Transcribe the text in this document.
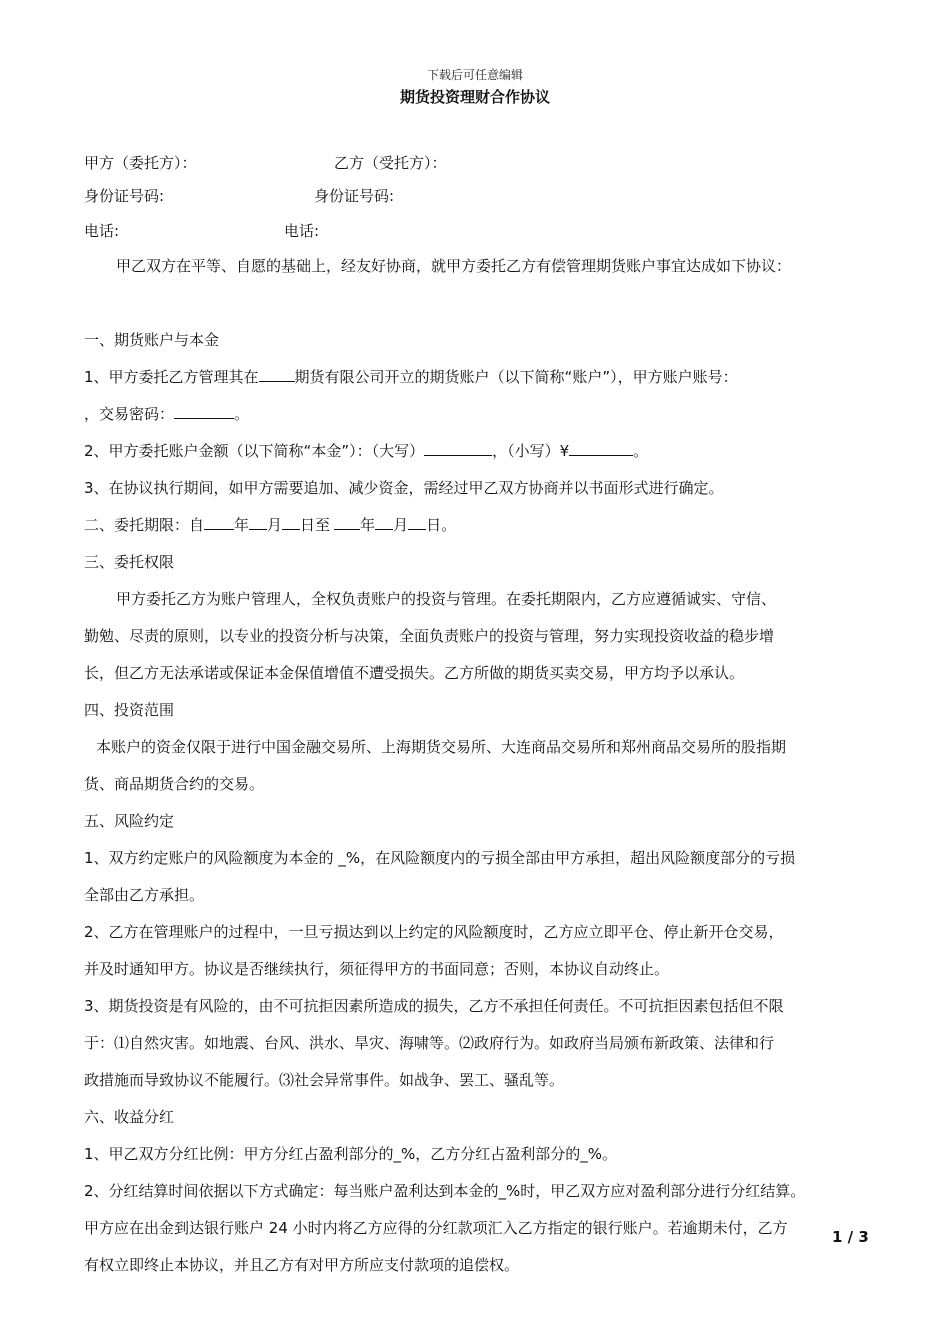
下载后可任意编辑
期货投资理财合作协议
甲方（委托方）：	乙方（受托方）：
身份证号码:	身份证号码:
电话:	电话:
甲乙双方在平等、自愿的基础上，经友好协商，就甲方委托乙方有偿管理期货账户事宜达成如下协议：
一、期货账户与本金
1、甲方委托乙方管理其在 期货有限公司开立的期货账户（以下简称“账户”），甲方账户账号：
，交易密码：	。
2、甲方委托账户金额（以下简称“本金”）：（大写）	，（小写）¥	。
3、在协议执行期间，如甲方需要追加、减少资金，需经过甲乙双方协商并以书面形式进行确定。
二、委托期限：自 年 月 日至 年 月 日。
三、委托权限
甲方委托乙方为账户管理人，全权负责账户的投资与管理。在委托期限内，乙方应遵循诚实、守信、
勤勉、尽责的原则，以专业的投资分析与决策，全面负责账户的投资与管理，努力实现投资收益的稳步增
长，但乙方无法承诺或保证本金保值增值不遭受损失。乙方所做的期货买卖交易，甲方均予以承认。
四、投资范围
本账户的资金仅限于进行中国金融交易所、上海期货交易所、大连商品交易所和郑州商品交易所的股指期
货、商品期货合约的交易。
五、风险约定
1、双方约定账户的风险额度为本金的 _%，在风险额度内的亏损全部由甲方承担，超出风险额度部分的亏损
全部由乙方承担。
2、乙方在管理账户的过程中，一旦亏损达到以上约定的风险额度时，乙方应立即平仓、停止新开仓交易，
并及时通知甲方。协议是否继续执行，须征得甲方的书面同意；否则，本协议自动终止。
3、期货投资是有风险的，由不可抗拒因素所造成的损失，乙方不承担任何责任。不可抗拒因素包括但不限
于：⑴自然灾害。如地震、台风、洪水、旱灾、海啸等。⑵政府行为。如政府当局颁布新政策、法律和行
政措施而导致协议不能履行。⑶社会异常事件。如战争、罢工、骚乱等。
六、收益分红
1、甲乙双方分红比例：甲方分红占盈利部分的_%，乙方分红占盈利部分的_%。
2、分红结算时间依据以下方式确定：每当账户盈利达到本金的_%时，甲乙双方应对盈利部分进行分红结算。
甲方应在出金到达银行账户 24 小时内将乙方应得的分红款项汇入乙方指定的银行账户。若逾期未付，乙方
有权立即终止本协议，并且乙方有对甲方所应支付款项的追偿权。
1 / 3
